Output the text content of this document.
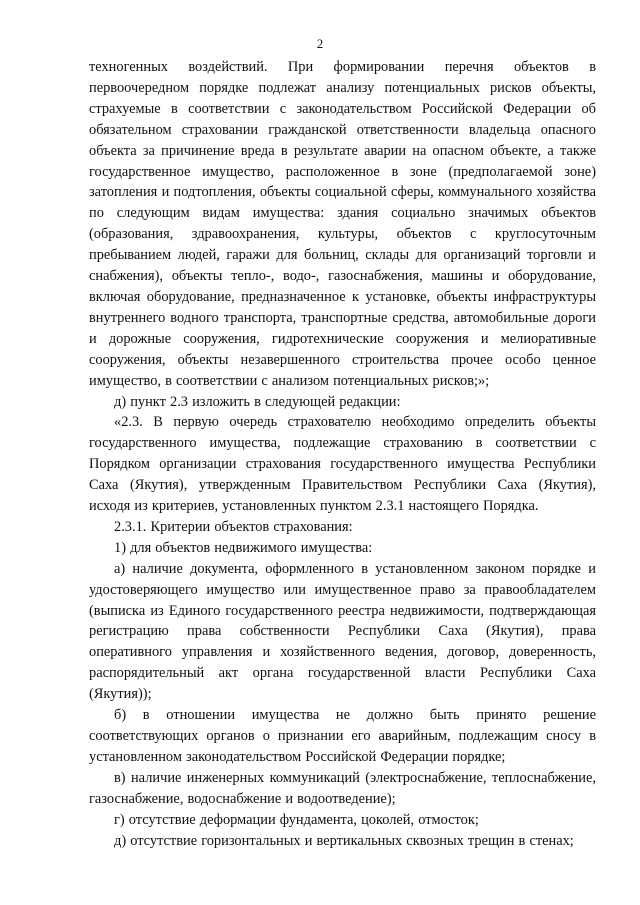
2

техногенных воздействий. При формировании перечня объектов в первоочередном порядке подлежат анализу потенциальных рисков объекты, страхуемые в соответствии с законодательством Российской Федерации об обязательном страховании гражданской ответственности владельца опасного объекта за причинение вреда в результате аварии на опасном объекте, а также государственное имущество, расположенное в зоне (предполагаемой зоне) затопления и подтопления, объекты социальной сферы, коммунального хозяйства по следующим видам имущества: здания социально значимых объектов (образования, здравоохранения, культуры, объектов с круглосуточным пребыванием людей, гаражи для больниц, склады для организаций торговли и снабжения), объекты тепло-, водо-, газоснабжения, машины и оборудование, включая оборудование, предназначенное к установке, объекты инфраструктуры внутреннего водного транспорта, транспортные средства, автомобильные дороги и дорожные сооружения, гидротехнические сооружения и мелиоративные сооружения, объекты незавершенного строительства прочее особо ценное имущество, в соответствии с анализом потенциальных рисков;»;

д) пункт 2.3 изложить в следующей редакции:

«2.3. В первую очередь страхователю необходимо определить объекты государственного имущества, подлежащие страхованию в соответствии с Порядком организации страхования государственного имущества Республики Саха (Якутия), утвержденным Правительством Республики Саха (Якутия), исходя из критериев, установленных пунктом 2.3.1 настоящего Порядка.

2.3.1. Критерии объектов страхования:

1) для объектов недвижимого имущества:

а) наличие документа, оформленного в установленном законом порядке и удостоверяющего имущество или имущественное право за правообладателем (выписка из Единого государственного реестра недвижимости, подтверждающая регистрацию права собственности Республики Саха (Якутия), права оперативного управления и хозяйственного ведения, договор, доверенность, распорядительный акт органа государственной власти Республики Саха (Якутия));

б) в отношении имущества не должно быть принято решение соответствующих органов о признании его аварийным, подлежащим сносу в установленном законодательством Российской Федерации порядке;

в) наличие инженерных коммуникаций (электроснабжение, теплоснабжение, газоснабжение, водоснабжение и водоотведение);

г) отсутствие деформации фундамента, цоколей, отмосток;

д) отсутствие горизонтальных и вертикальных сквозных трещин в стенах;
